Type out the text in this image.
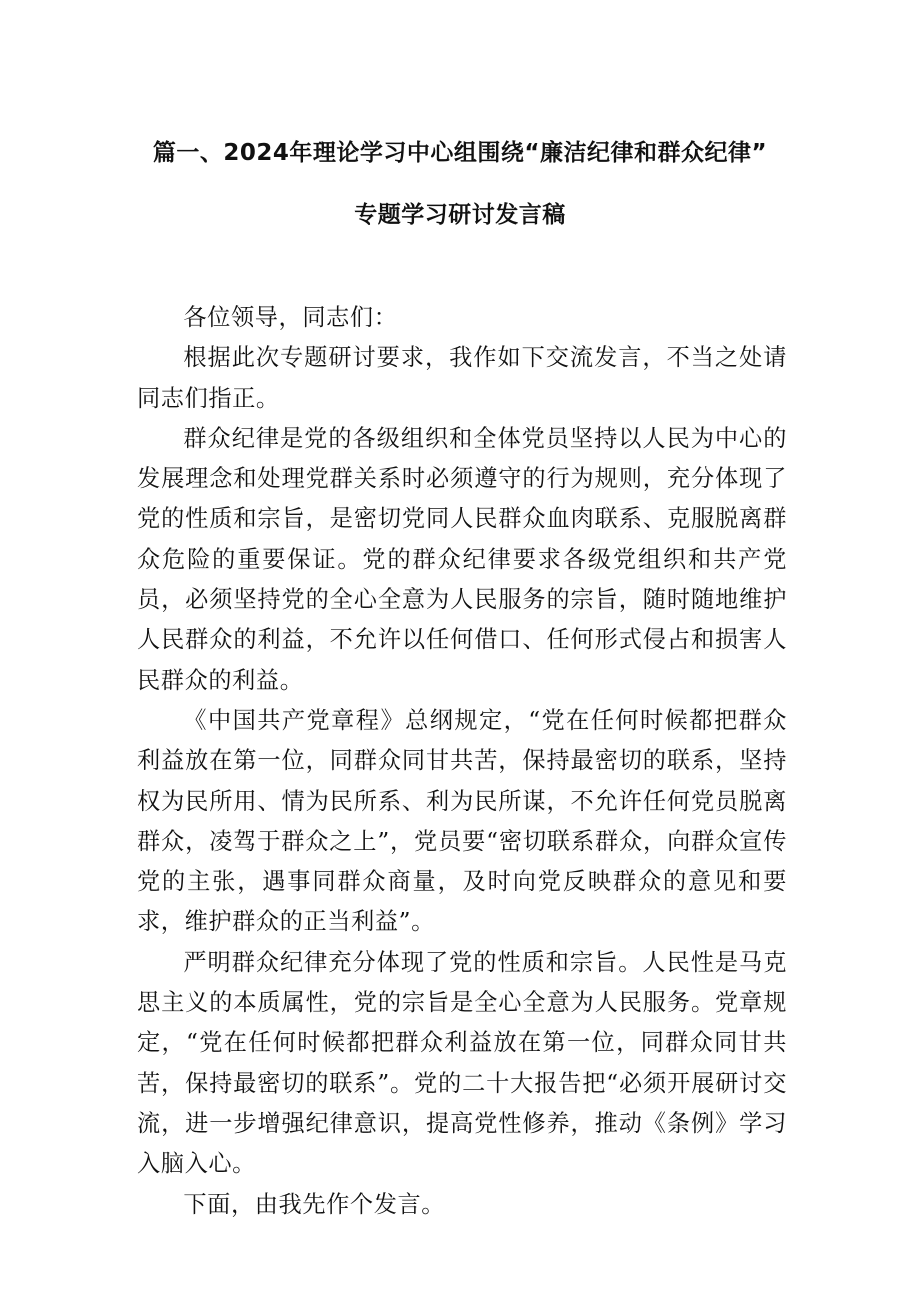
篇一、2024年理论学习中心组围绕“廉洁纪律和群众纪律”
专题学习研讨发言稿

各位领导，同志们：

根据此次专题研讨要求，我作如下交流发言，不当之处请同志们指正。

群众纪律是党的各级组织和全体党员坚持以人民为中心的发展理念和处理党群关系时必须遵守的行为规则，充分体现了党的性质和宗旨，是密切党同人民群众血肉联系、克服脱离群众危险的重要保证。党的群众纪律要求各级党组织和共产党员，必须坚持党的全心全意为人民服务的宗旨，随时随地维护人民群众的利益，不允许以任何借口、任何形式侵占和损害人民群众的利益。

《中国共产党章程》总纲规定，“党在任何时候都把群众利益放在第一位，同群众同甘共苦，保持最密切的联系，坚持权为民所用、情为民所系、利为民所谋，不允许任何党员脱离群众，凌驾于群众之上”，党员要“密切联系群众，向群众宣传党的主张，遇事同群众商量，及时向党反映群众的意见和要求，维护群众的正当利益”。

严明群众纪律充分体现了党的性质和宗旨。人民性是马克思主义的本质属性，党的宗旨是全心全意为人民服务。党章规定，“党在任何时候都把群众利益放在第一位，同群众同甘共苦，保持最密切的联系”。党的二十大报告把“必须开展研讨交流，进一步增强纪律意识，提高党性修养，推动《条例》学习入脑入心。

下面，由我先作个发言。
